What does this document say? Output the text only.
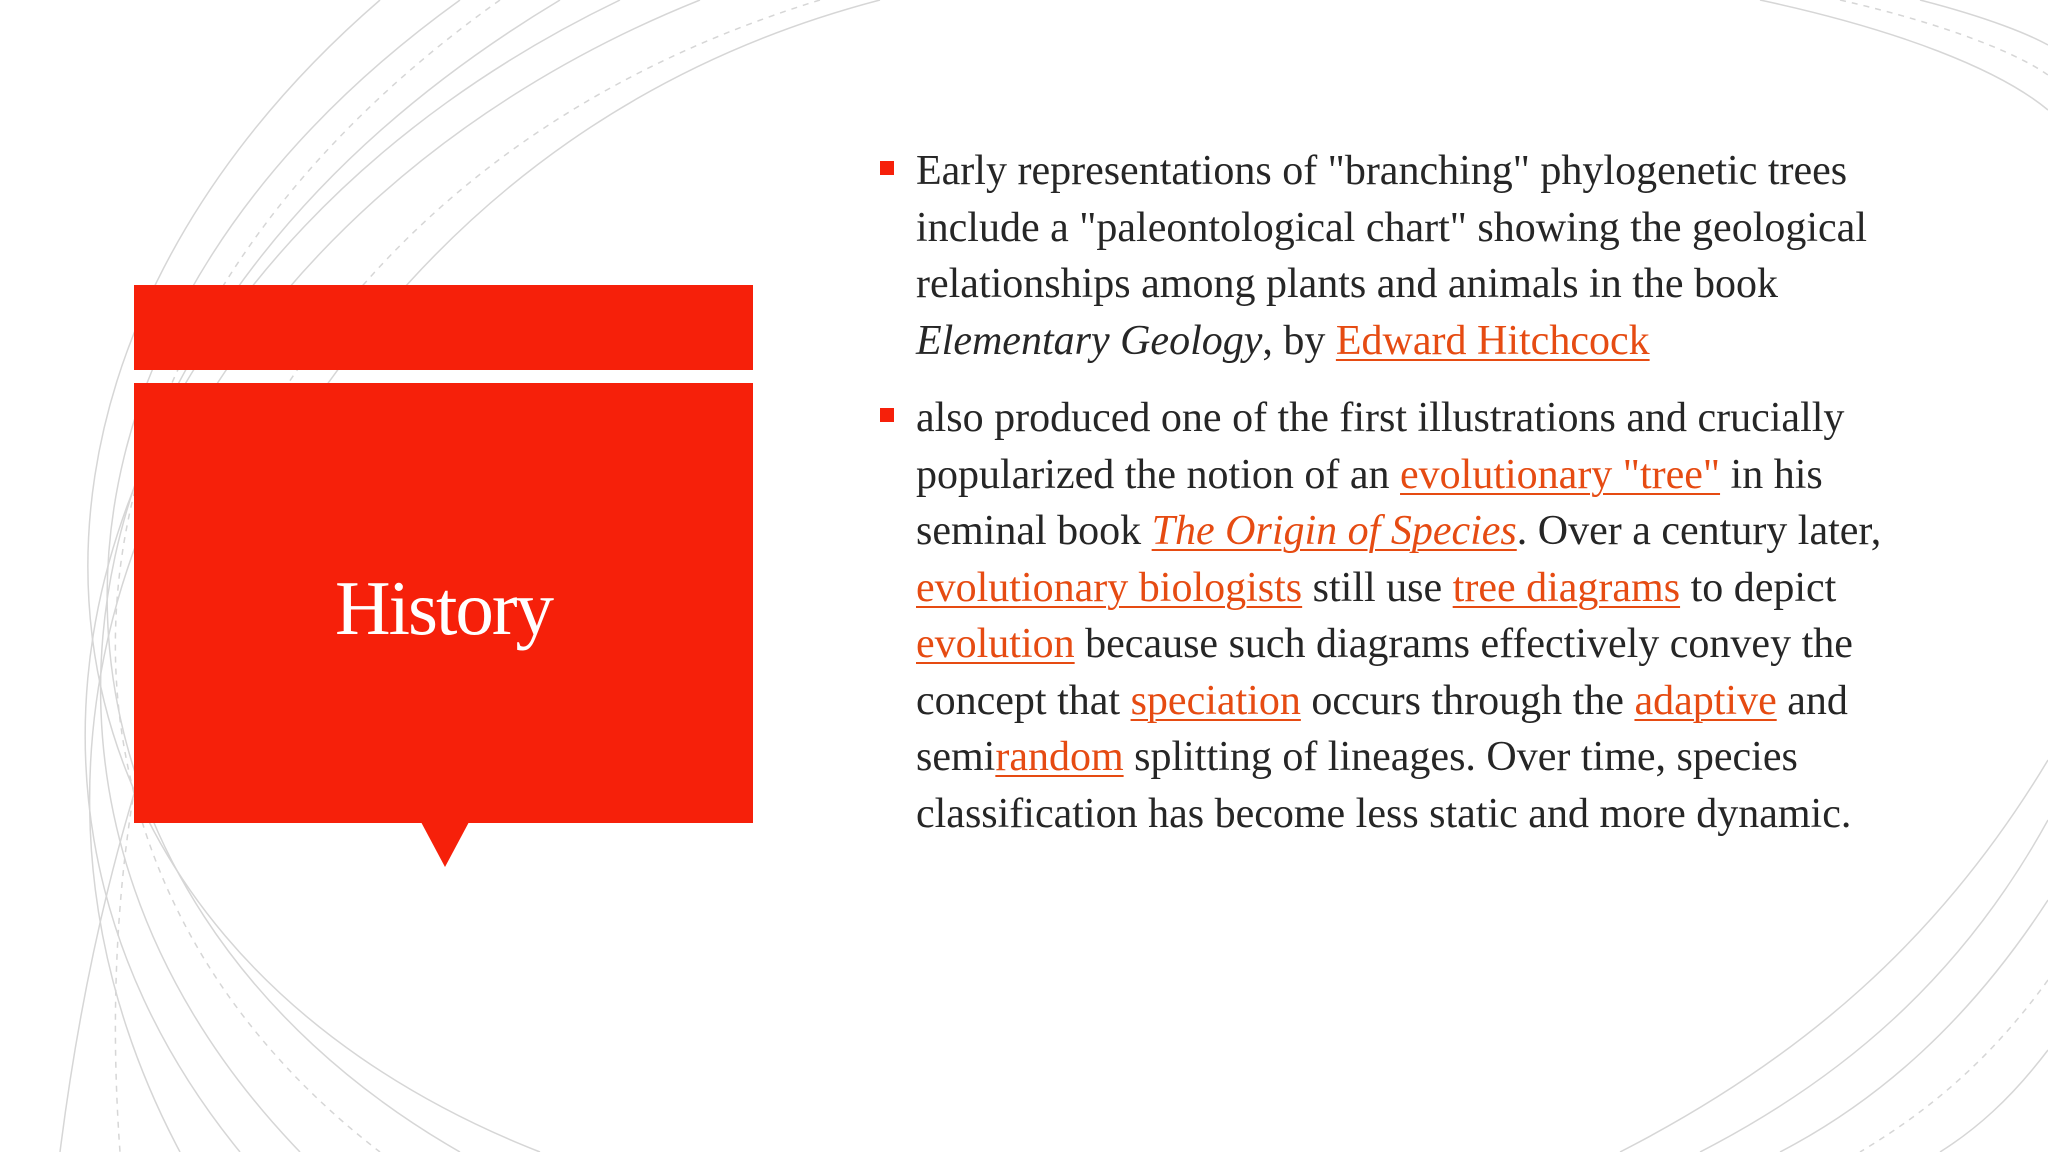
History
Early representations of "branching" phylogenetic trees include a "paleontological chart" showing the geological relationships among plants and animals in the book Elementary Geology, by Edward Hitchcock
also produced one of the first illustrations and crucially popularized the notion of an evolutionary "tree" in his seminal book The Origin of Species. Over a century later, evolutionary biologists still use tree diagrams to depict evolution because such diagrams effectively convey the concept that speciation occurs through the adaptive and semirandom splitting of lineages. Over time, species classification has become less static and more dynamic.
